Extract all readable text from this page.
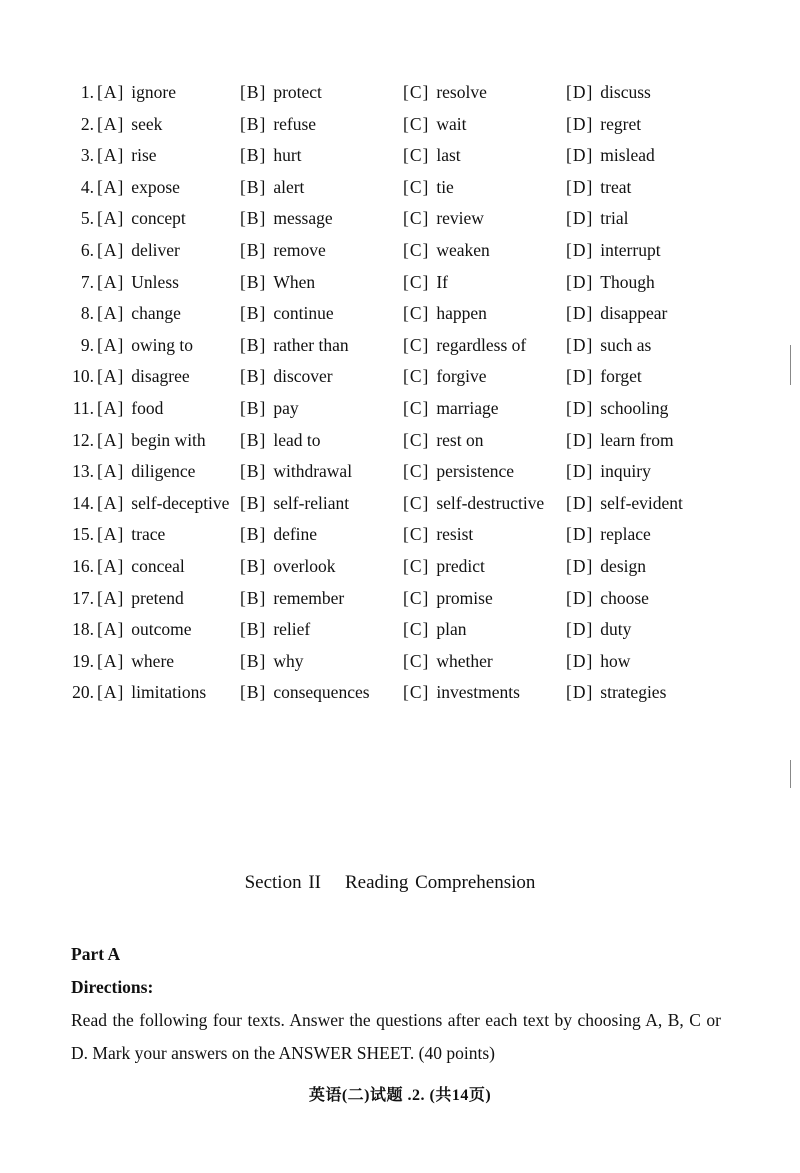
1. [A] ignore	[B] protect	[C] resolve	[D] discuss
2. [A] seek	[B] refuse	[C] wait	[D] regret
3. [A] rise	[B] hurt	[C] last	[D] mislead
4. [A] expose	[B] alert	[C] tie	[D] treat
5. [A] concept	[B] message	[C] review	[D] trial
6. [A] deliver	[B] remove	[C] weaken	[D] interrupt
7. [A] Unless	[B] When	[C] If	[D] Though
8. [A] change	[B] continue	[C] happen	[D] disappear
9. [A] owing to	[B] rather than	[C] regardless of [D] such as
10. [A] disagree	[B] discover	[C] forgive	[D] forget
11. [A] food	[B] pay	[C] marriage	[D] schooling
12. [A] begin with [B] lead to	[C] rest on	[D] learn from
13. [A] diligence	[B] withdrawal	[C] persistence	[D] inquiry
14. [A] self-deceptive [B] self-reliant	[C] self-destructive [D] self-evident
15. [A] trace	[B] define	[C] resist	[D] replace
16. [A] conceal	[B] overlook	[C] predict	[D] design
17. [A] pretend	[B] remember	[C] promise	[D] choose
18. [A] outcome	[B] relief	[C] plan	[D] duty
19. [A] where	[B] why	[C] whether	[D] how
20. [A] limitations [B] consequences [C] investments	[D] strategies
Section II Reading Comprehension
Part A
Directions:
Read the following four texts. Answer the questions after each text by choosing A, B, C or D. Mark your answers on the ANSWER SHEET. (40 points)
英语(二)试题 .2. (共14页)
